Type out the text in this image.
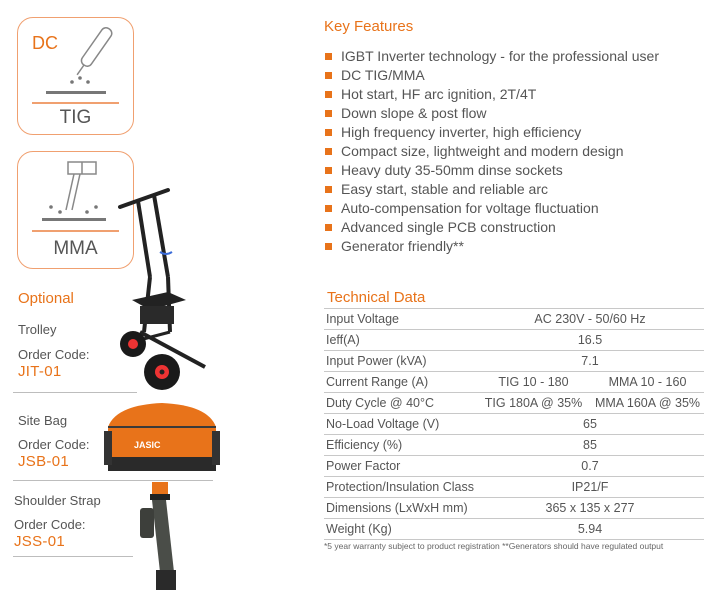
DC
TIG
MMA
Optional
Trolley
Order Code:
JIT-01
Site Bag
Order Code:
JSB-01
JASIC
Shoulder Strap
Order Code:
JSS-01
Key Features
IGBT Inverter technology - for the professional user
DC TIG/MMA
Hot start, HF arc ignition, 2T/4T
Down slope & post flow
High frequency inverter, high efficiency
Compact size, lightweight and modern design
Heavy duty 35-50mm dinse sockets
Easy start, stable and reliable arc
Auto-compensation for voltage fluctuation
Advanced single PCB construction
Generator friendly**
Technical Data
Input Voltage	AC 230V - 50/60 Hz	
Ieff(A)	16.5	
Input Power (kVA)	7.1	
Current Range (A)	TIG 10 - 180	MMA 10 - 160
Duty Cycle @ 40°C	TIG 180A @ 35%	MMA 160A @ 35%
No-Load Voltage (V)	65	
Efficiency (%)	85	
Power Factor	0.7	
Protection/Insulation Class	IP21/F	
Dimensions (LxWxH mm)	365 x 135 x 277	
Weight (Kg)	5.94	
*5 year warranty subject to product registration **Generators should have regulated output
